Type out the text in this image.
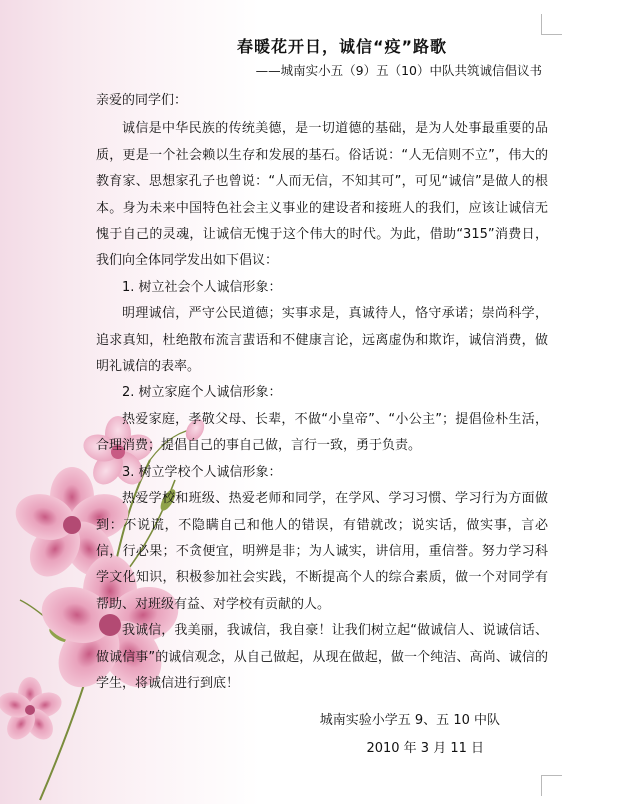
春暖花开日，诚信“疫”路歌
——城南实小五（9）五（10）中队共筑诚信倡议书

亲爱的同学们：

诚信是中华民族的传统美德，是一切道德的基础，是为人处事最重要的品质，更是一个社会赖以生存和发展的基石。俗话说：“人无信则不立”，伟大的教育家、思想家孔子也曾说：“人而无信，不知其可”，可见“诚信”是做人的根本。身为未来中国特色社会主义事业的建设者和接班人的我们，应该让诚信无愧于自己的灵魂，让诚信无愧于这个伟大的时代。为此，借助“315”消费日，我们向全体同学发出如下倡议：

1. 树立社会个人诚信形象：

明理诚信，严守公民道德；实事求是，真诚待人，恪守承诺；崇尚科学，追求真知，杜绝散布流言蜚语和不健康言论，远离虚伪和欺诈，诚信消费，做明礼诚信的表率。

2. 树立家庭个人诚信形象：

热爱家庭，孝敬父母、长辈，不做“小皇帝”、“小公主”；提倡俭朴生活，合理消费；提倡自己的事自己做，言行一致，勇于负责。

3. 树立学校个人诚信形象：

热爱学校和班级、热爱老师和同学，在学风、学习习惯、学习行为方面做到：不说谎，不隐瞒自己和他人的错误，有错就改；说实话，做实事，言必信，行必果；不贪便宜，明辨是非；为人诚实，讲信用，重信誉。努力学习科学文化知识，积极参加社会实践，不断提高个人的综合素质，做一个对同学有帮助、对班级有益、对学校有贡献的人。

我诚信，我美丽，我诚信，我自豪！让我们树立起“做诚信人、说诚信话、做诚信事”的诚信观念，从自己做起，从现在做起，做一个纯洁、高尚、诚信的学生，将诚信进行到底！

城南实验小学五 9、五 10 中队
2010 年 3 月 11 日
